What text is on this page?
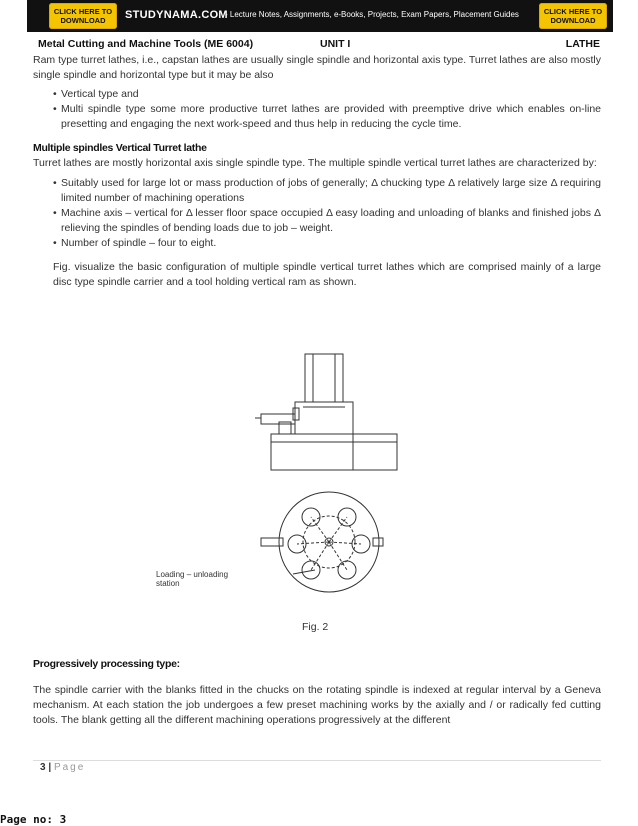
CLICK HERE TO DOWNLOAD	STUDYNAMA.COM
- Lecture Notes, Assignments, e-Books, Projects, Exam Papers, Placement Guides	CLICK HERE TO DOWNLOAD
Metal Cutting and Machine Tools (ME 6004)	UNIT I	LATHE

Ram type turret lathes, i.e., capstan lathes are usually single spindle and horizontal axis type. Turret lathes are also mostly single spindle and horizontal type but it may be also

• Vertical type and
• Multi spindle type some more productive turret lathes are provided with preemptive drive which enables on-line presetting and engaging the next work-speed and thus help in reducing the cycle time.
Multiple spindles Vertical Turret lathe

Turret lathes are mostly horizontal axis single spindle type. The multiple spindle vertical turret lathes are characterized by:

• Suitably used for large lot or mass production of jobs of generally; Δ chucking type Δ relatively large size Δ requiring limited number of machining operations
• Machine axis – vertical for Δ lesser floor space occupied Δ easy loading and unloading of blanks and finished jobs Δ relieving the spindles of bending loads due to job – weight.
• Number of spindle – four to eight.

Fig. visualize the basic configuration of multiple spindle vertical turret lathes which are comprised mainly of a large disc type spindle carrier and a tool holding vertical ram as shown.

Loading – unloading station
Fig. 2
Progressively processing type:

The spindle carrier with the blanks fitted in the chucks on the rotating spindle is indexed at regular interval by a Geneva mechanism. At each station the job undergoes a few preset machining works by the axially and / or radically fed cutting tools. The blank getting all the different machining operations progressively at the different

3 | Page
Page no: 3
